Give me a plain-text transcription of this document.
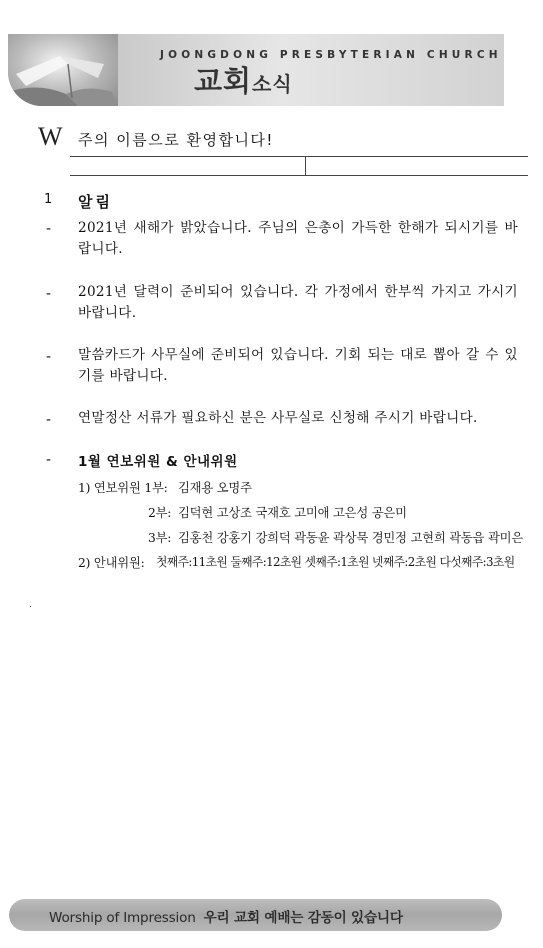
JOONGDONG PRESBYTERIAN CHURCH
교회소식
W 주의 이름으로 환영합니다!
1 알림
- 2021년 새해가 밝았습니다. 주님의 은총이 가득한 한해가 되시기를 바랍니다.
- 2021년 달력이 준비되어 있습니다. 각 가정에서 한부씩 가지고 가시기 바랍니다.
- 말씀카드가 사무실에 준비되어 있습니다. 기회 되는 대로 뽑아 갈 수 있기를 바랍니다.
- 연말정산 서류가 필요하신 분은 사무실로 신청해 주시기 바랍니다.
- 1월 연보위원 & 안내위원
1) 연보위원 1부: 김재용 오명주
2부: 김덕현 고상조 국재호 고미애 고은성 공은미
3부: 김홍천 강홍기 강희덕 곽동윤 곽상묵 경민정 고현희 곽동읍 곽미은
2) 안내위원: 첫째주:11초원 둘째주:12초원 셋째주:1초원 넷째주:2초원 다섯째주:3초원
Worship of Impression 우리 교회 예배는 감동이 있습니다
